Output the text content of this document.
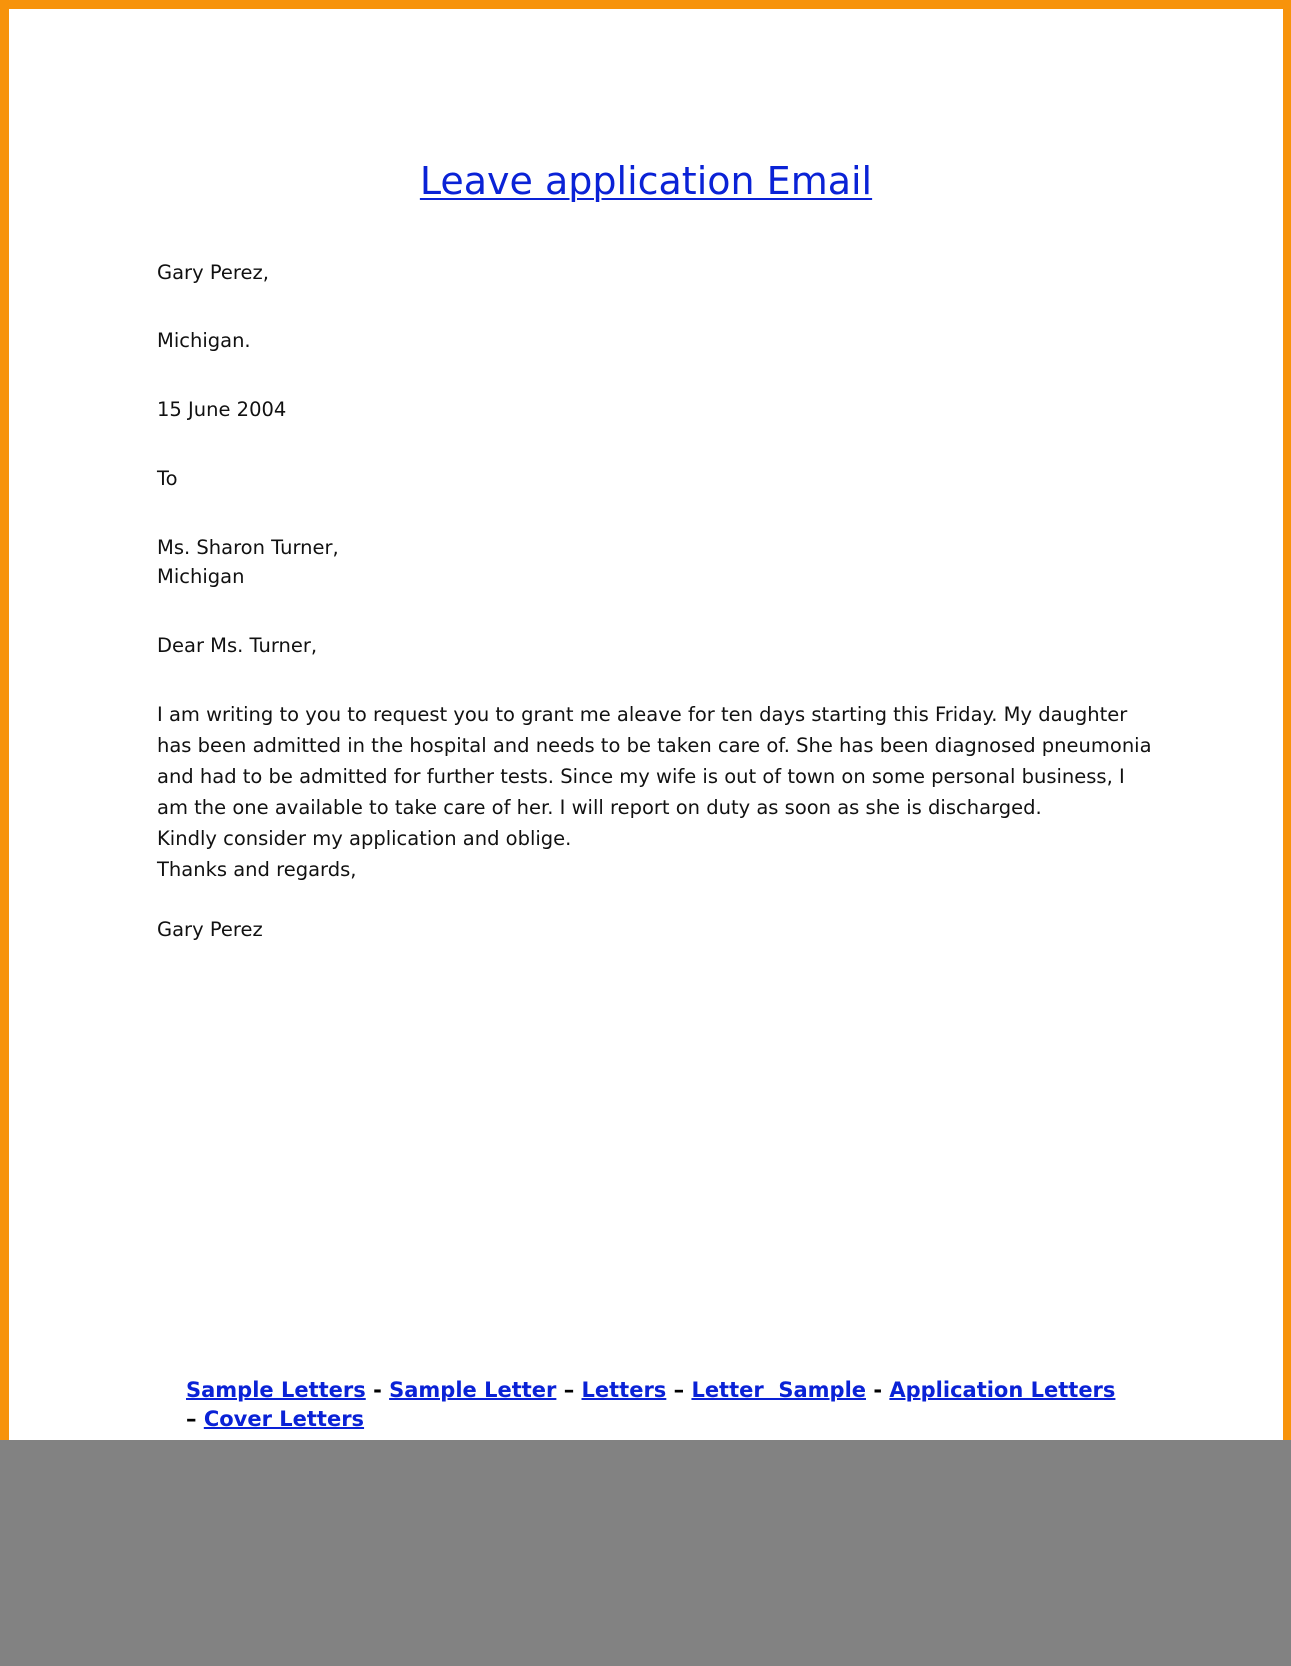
Leave application Email
Gary Perez,
Michigan.
15 June 2004
To
Ms. Sharon Turner,
Michigan
Dear Ms. Turner,
I am writing to you to request you to grant me aleave for ten days starting this Friday. My daughter
has been admitted in the hospital and needs to be taken care of. She has been diagnosed pneumonia
and had to be admitted for further tests. Since my wife is out of town on some personal business, I
am the one available to take care of her. I will report on duty as soon as she is discharged.
Kindly consider my application and oblige.
Thanks and regards,
Gary Perez
Sample Letters - Sample Letter – Letters – Letter  Sample - Application Letters
– Cover Letters
